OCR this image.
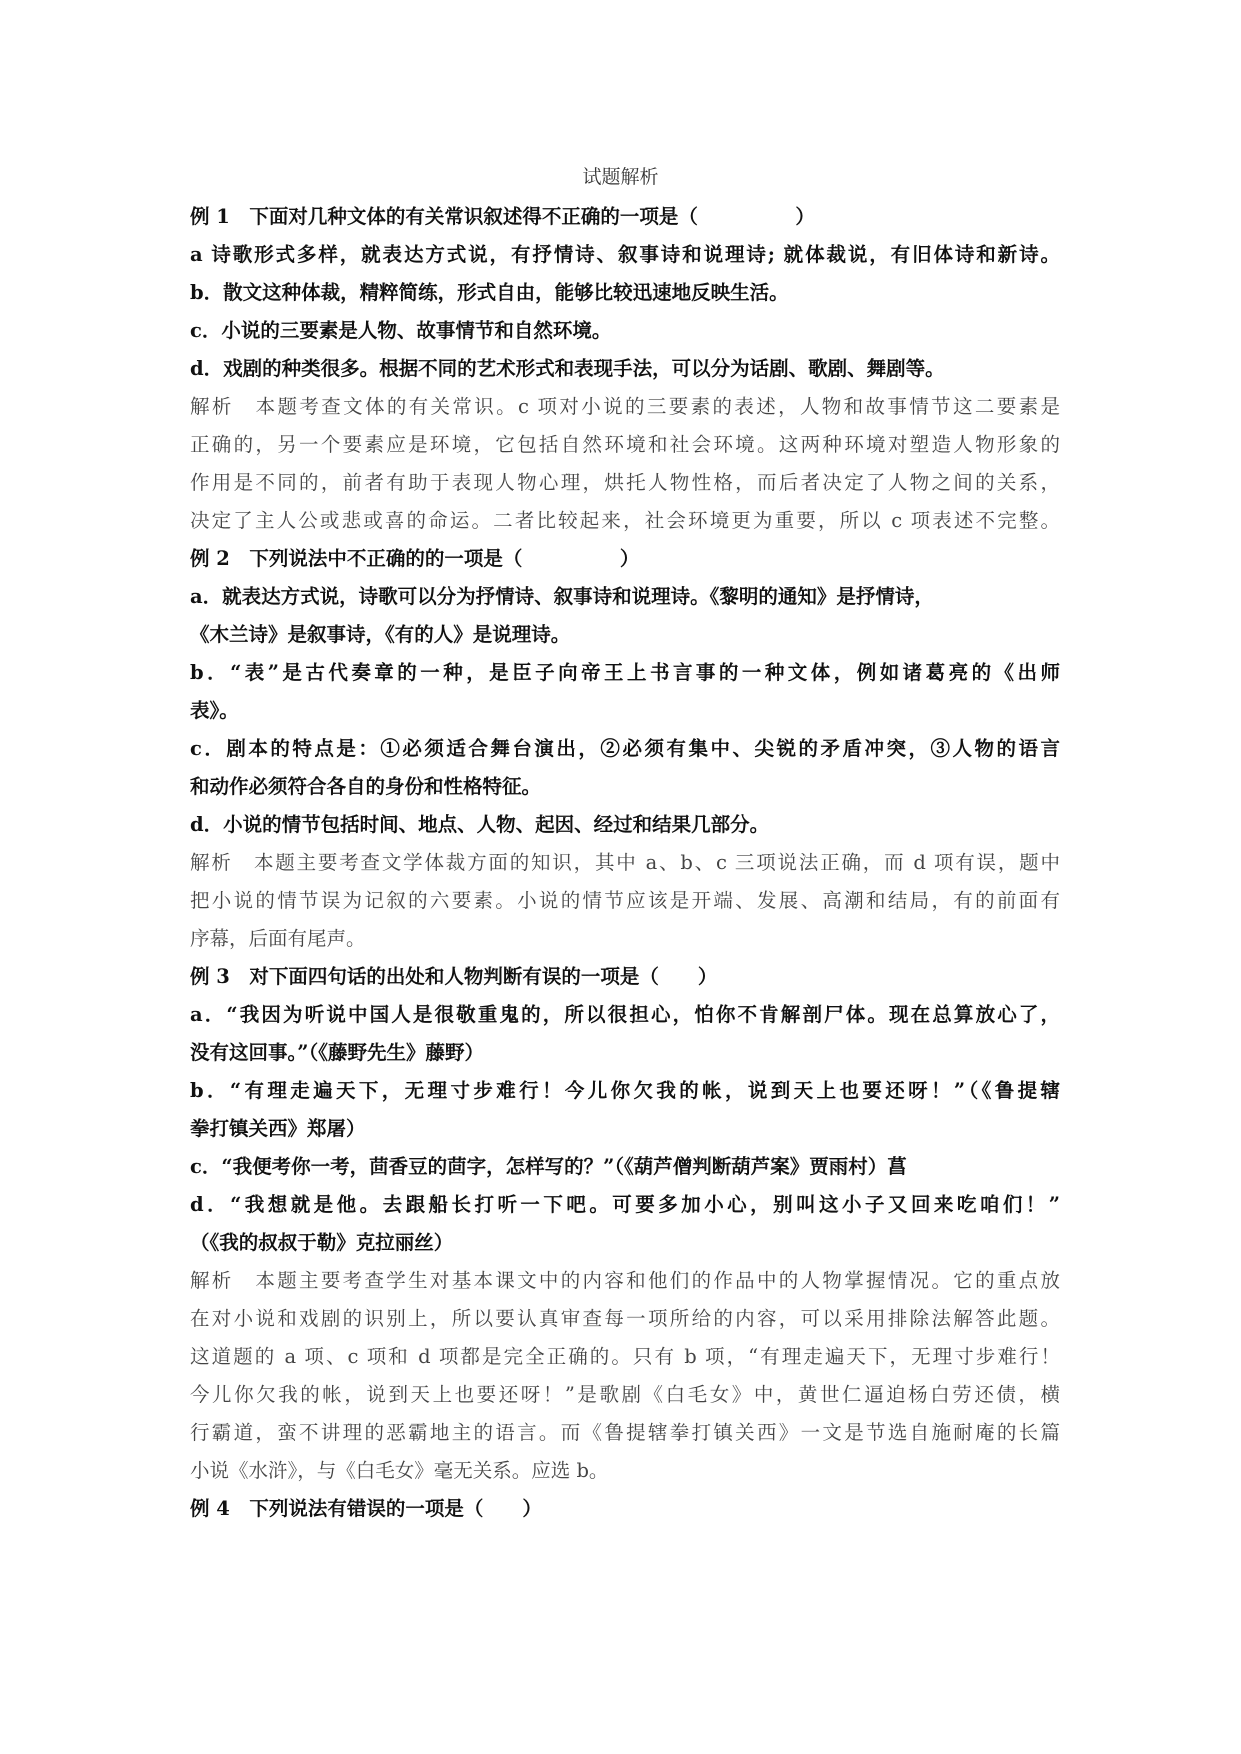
试题解析
例 1　下面对几种文体的有关常识叙述得不正确的一项是（　　　　　）
a 诗歌形式多样，就表达方式说，有抒情诗、叙事诗和说理诗; 就体裁说，有旧体诗和新诗。
b．散文这种体裁，精粹简练，形式自由，能够比较迅速地反映生活。
c．小说的三要素是人物、故事情节和自然环境。
d．戏剧的种类很多。根据不同的艺术形式和表现手法，可以分为话剧、歌剧、舞剧等。
解析　本题考查文体的有关常识。c 项对小说的三要素的表述，人物和故事情节这二要素是
正确的，另一个要素应是环境，它包括自然环境和社会环境。这两种环境对塑造人物形象的
作用是不同的，前者有助于表现人物心理，烘托人物性格，而后者决定了人物之间的关系，
决定了主人公或悲或喜的命运。二者比较起来，社会环境更为重要，所以 c 项表述不完整。
例 2　下列说法中不正确的的一项是（　　　　　）
a．就表达方式说，诗歌可以分为抒情诗、叙事诗和说理诗。《黎明的通知》是抒情诗，
《木兰诗》是叙事诗，《有的人》是说理诗。
b．“表”是古代奏章的一种，是臣子向帝王上书言事的一种文体，例如诸葛亮的《出师
表》。
c．剧本的特点是：①必须适合舞台演出，②必须有集中、尖锐的矛盾冲突，③人物的语言
和动作必须符合各自的身份和性格特征。
d．小说的情节包括时间、地点、人物、起因、经过和结果几部分。
解析　本题主要考查文学体裁方面的知识，其中 a、b、c 三项说法正确，而 d 项有误，题中
把小说的情节误为记叙的六要素。小说的情节应该是开端、发展、高潮和结局，有的前面有
序幕，后面有尾声。
例 3　对下面四句话的出处和人物判断有误的一项是（　　）
a．“我因为听说中国人是很敬重鬼的，所以很担心，怕你不肯解剖尸体。现在总算放心了，
没有这回事。”（《藤野先生》藤野）
b．“有理走遍天下，无理寸步难行！今儿你欠我的帐，说到天上也要还呀！”（《鲁提辖
拳打镇关西》郑屠）
c．“我便考你一考，茴香豆的茴字，怎样写的？”（《葫芦僧判断葫芦案》贾雨村）菖
d．“我想就是他。去跟船长打听一下吧。可要多加小心，别叫这小子又回来吃咱们！”
（《我的叔叔于勒》克拉丽丝）
解析　本题主要考查学生对基本课文中的内容和他们的作品中的人物掌握情况。它的重点放
在对小说和戏剧的识别上，所以要认真审查每一项所给的内容，可以采用排除法解答此题。
这道题的 a 项、c 项和 d 项都是完全正确的。只有 b 项，“有理走遍天下，无理寸步难行！
今儿你欠我的帐，说到天上也要还呀！”是歌剧《白毛女》中，黄世仁逼迫杨白劳还债，横
行霸道，蛮不讲理的恶霸地主的语言。而《鲁提辖拳打镇关西》一文是节选自施耐庵的长篇
小说《水浒》，与《白毛女》毫无关系。应选 b。
例 4　下列说法有错误的一项是（　　）
